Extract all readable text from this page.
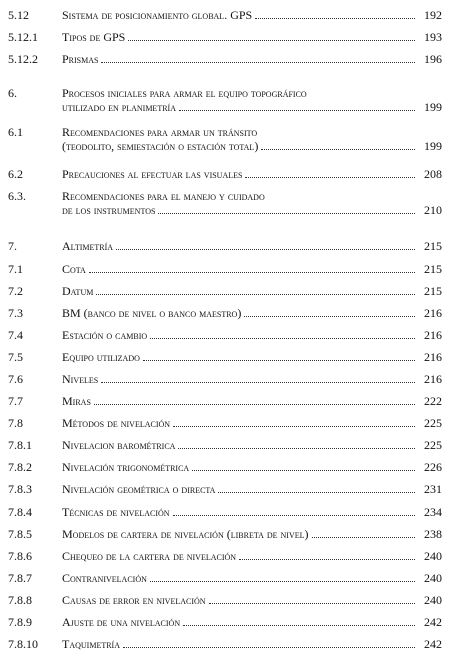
5.12	Sistema de posicionamiento global. GPS	192
5.12.1 Tipos de GPS	193
5.12.2 Prismas	196
6.	Procesos iniciales para armar el equipo topográfico
utilizado en planimetría	199
6.1	Recomendaciones para armar un tránsito
(teodolito, semiestación o estación total)	199
6.2	Precauciones al efectuar las visuales	208
6.3.	Recomendaciones para el manejo y cuidado
de los instrumentos	210
7.	Altimetría	215
7.1	Cota	215
7.2	Datum	215
7.3	BM (banco de nivel o banco maestro)	216
7.4	Estación o cambio	216
7.5	Equipo utilizado	216
7.6	Niveles	216
7.7	Miras	222
7.8	Métodos de nivelación	225
7.8.1	Nivelacion barométrica	225
7.8.2	Nivelación trigonométrica	226
7.8.3	Nivelación geométrica o directa	231
7.8.4	Técnicas de nivelación	234
7.8.5	Modelos de cartera de nivelación (libreta de nivel)	238
7.8.6	Chequeo de la cartera de nivelación	240
7.8.7	Contranivelación	240
7.8.8	Causas de error en nivelación	240
7.8.9	Ajuste de una nivelación	242
7.8.10 Taquimetría	242
